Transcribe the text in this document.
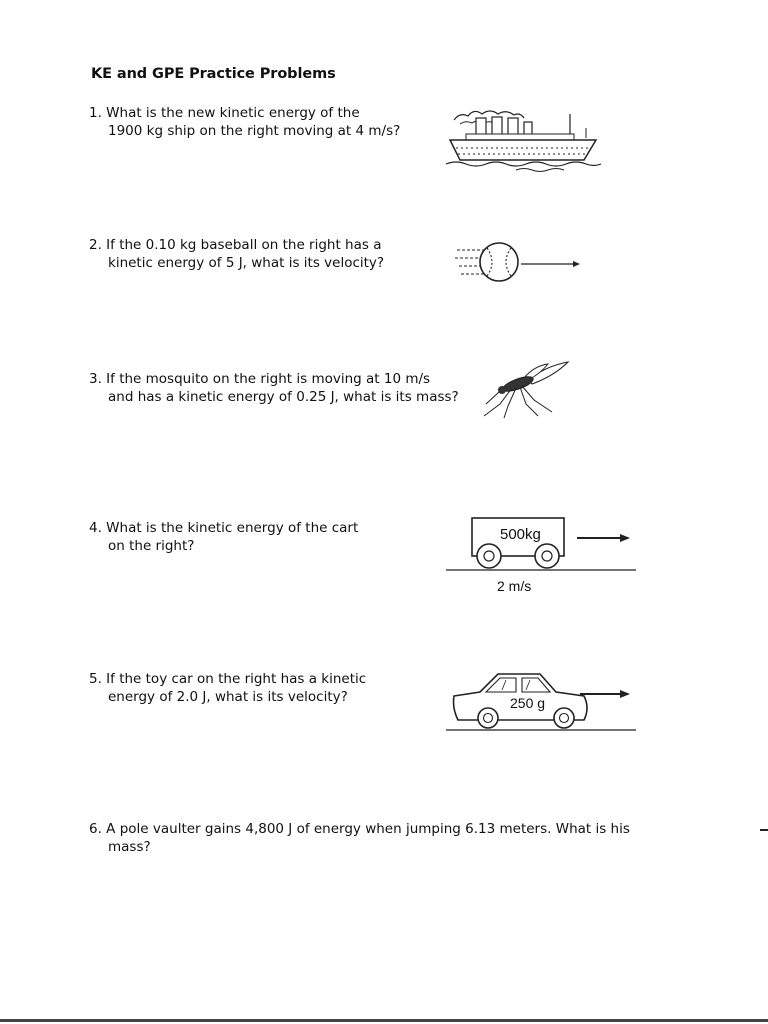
KE and GPE Practice Problems
1. What is the new kinetic energy of the
1900 kg ship on the right moving at 4 m/s?
2. If the 0.10 kg baseball on the right has a
kinetic energy of 5 J, what is its velocity?
3. If the mosquito on the right is moving at 10 m/s
and has a kinetic energy of 0.25 J, what is its mass?
4. What is the kinetic energy of the cart
on the right?
500kg
2 m/s
5. If the toy car on the right has a kinetic
energy of 2.0 J, what is its velocity?	250 g
6. A pole vaulter gains 4,800 J of energy when jumping 6.13 meters. What is his
mass?
